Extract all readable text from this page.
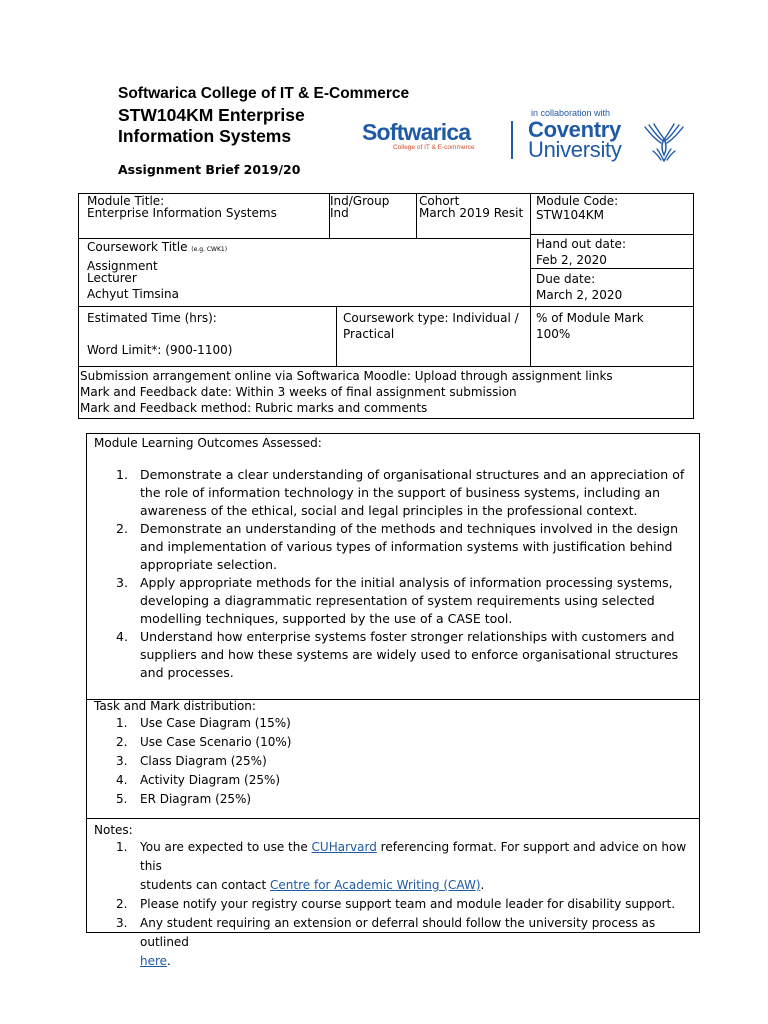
Softwarica College of IT & E-Commerce
STW104KM Enterprise
Information Systems
Assignment Brief 2019/20
Softwarica
College of IT & E-commerce
in collaboration with
Coventry
University
Module Title:
Enterprise Information Systems
Ind/Group
Ind
Cohort
March 2019 Resit
Module Code:
STW104KM
Coursework Title (e.g. CWK1)
Assignment
Lecturer
Achyut Timsina
Hand out date:
Feb 2, 2020
Due date:
March 2, 2020
Estimated Time (hrs):
Word Limit*: (900-1100)
Coursework type: Individual /
Practical
% of Module Mark
100%
Submission arrangement online via Softwarica Moodle: Upload through assignment links
Mark and Feedback date: Within 3 weeks of final assignment submission
Mark and Feedback method: Rubric marks and comments
Module Learning Outcomes Assessed:
1. Demonstrate a clear understanding of organisational structures and an appreciation of
the role of information technology in the support of business systems, including an
awareness of the ethical, social and legal principles in the professional context.
2. Demonstrate an understanding of the methods and techniques involved in the design
and implementation of various types of information systems with justification behind
appropriate selection.
3. Apply appropriate methods for the initial analysis of information processing systems,
developing a diagrammatic representation of system requirements using selected
modelling techniques, supported by the use of a CASE tool.
4. Understand how enterprise systems foster stronger relationships with customers and
suppliers and how these systems are widely used to enforce organisational structures
and processes.
Task and Mark distribution:
1. Use Case Diagram (15%)
2. Use Case Scenario (10%)
3. Class Diagram (25%)
4. Activity Diagram (25%)
5. ER Diagram (25%)
Notes:
1. You are expected to use the CUHarvard referencing format. For support and advice on how this
students can contact Centre for Academic Writing (CAW).
2. Please notify your registry course support team and module leader for disability support.
3. Any student requiring an extension or deferral should follow the university process as outlined
here.
